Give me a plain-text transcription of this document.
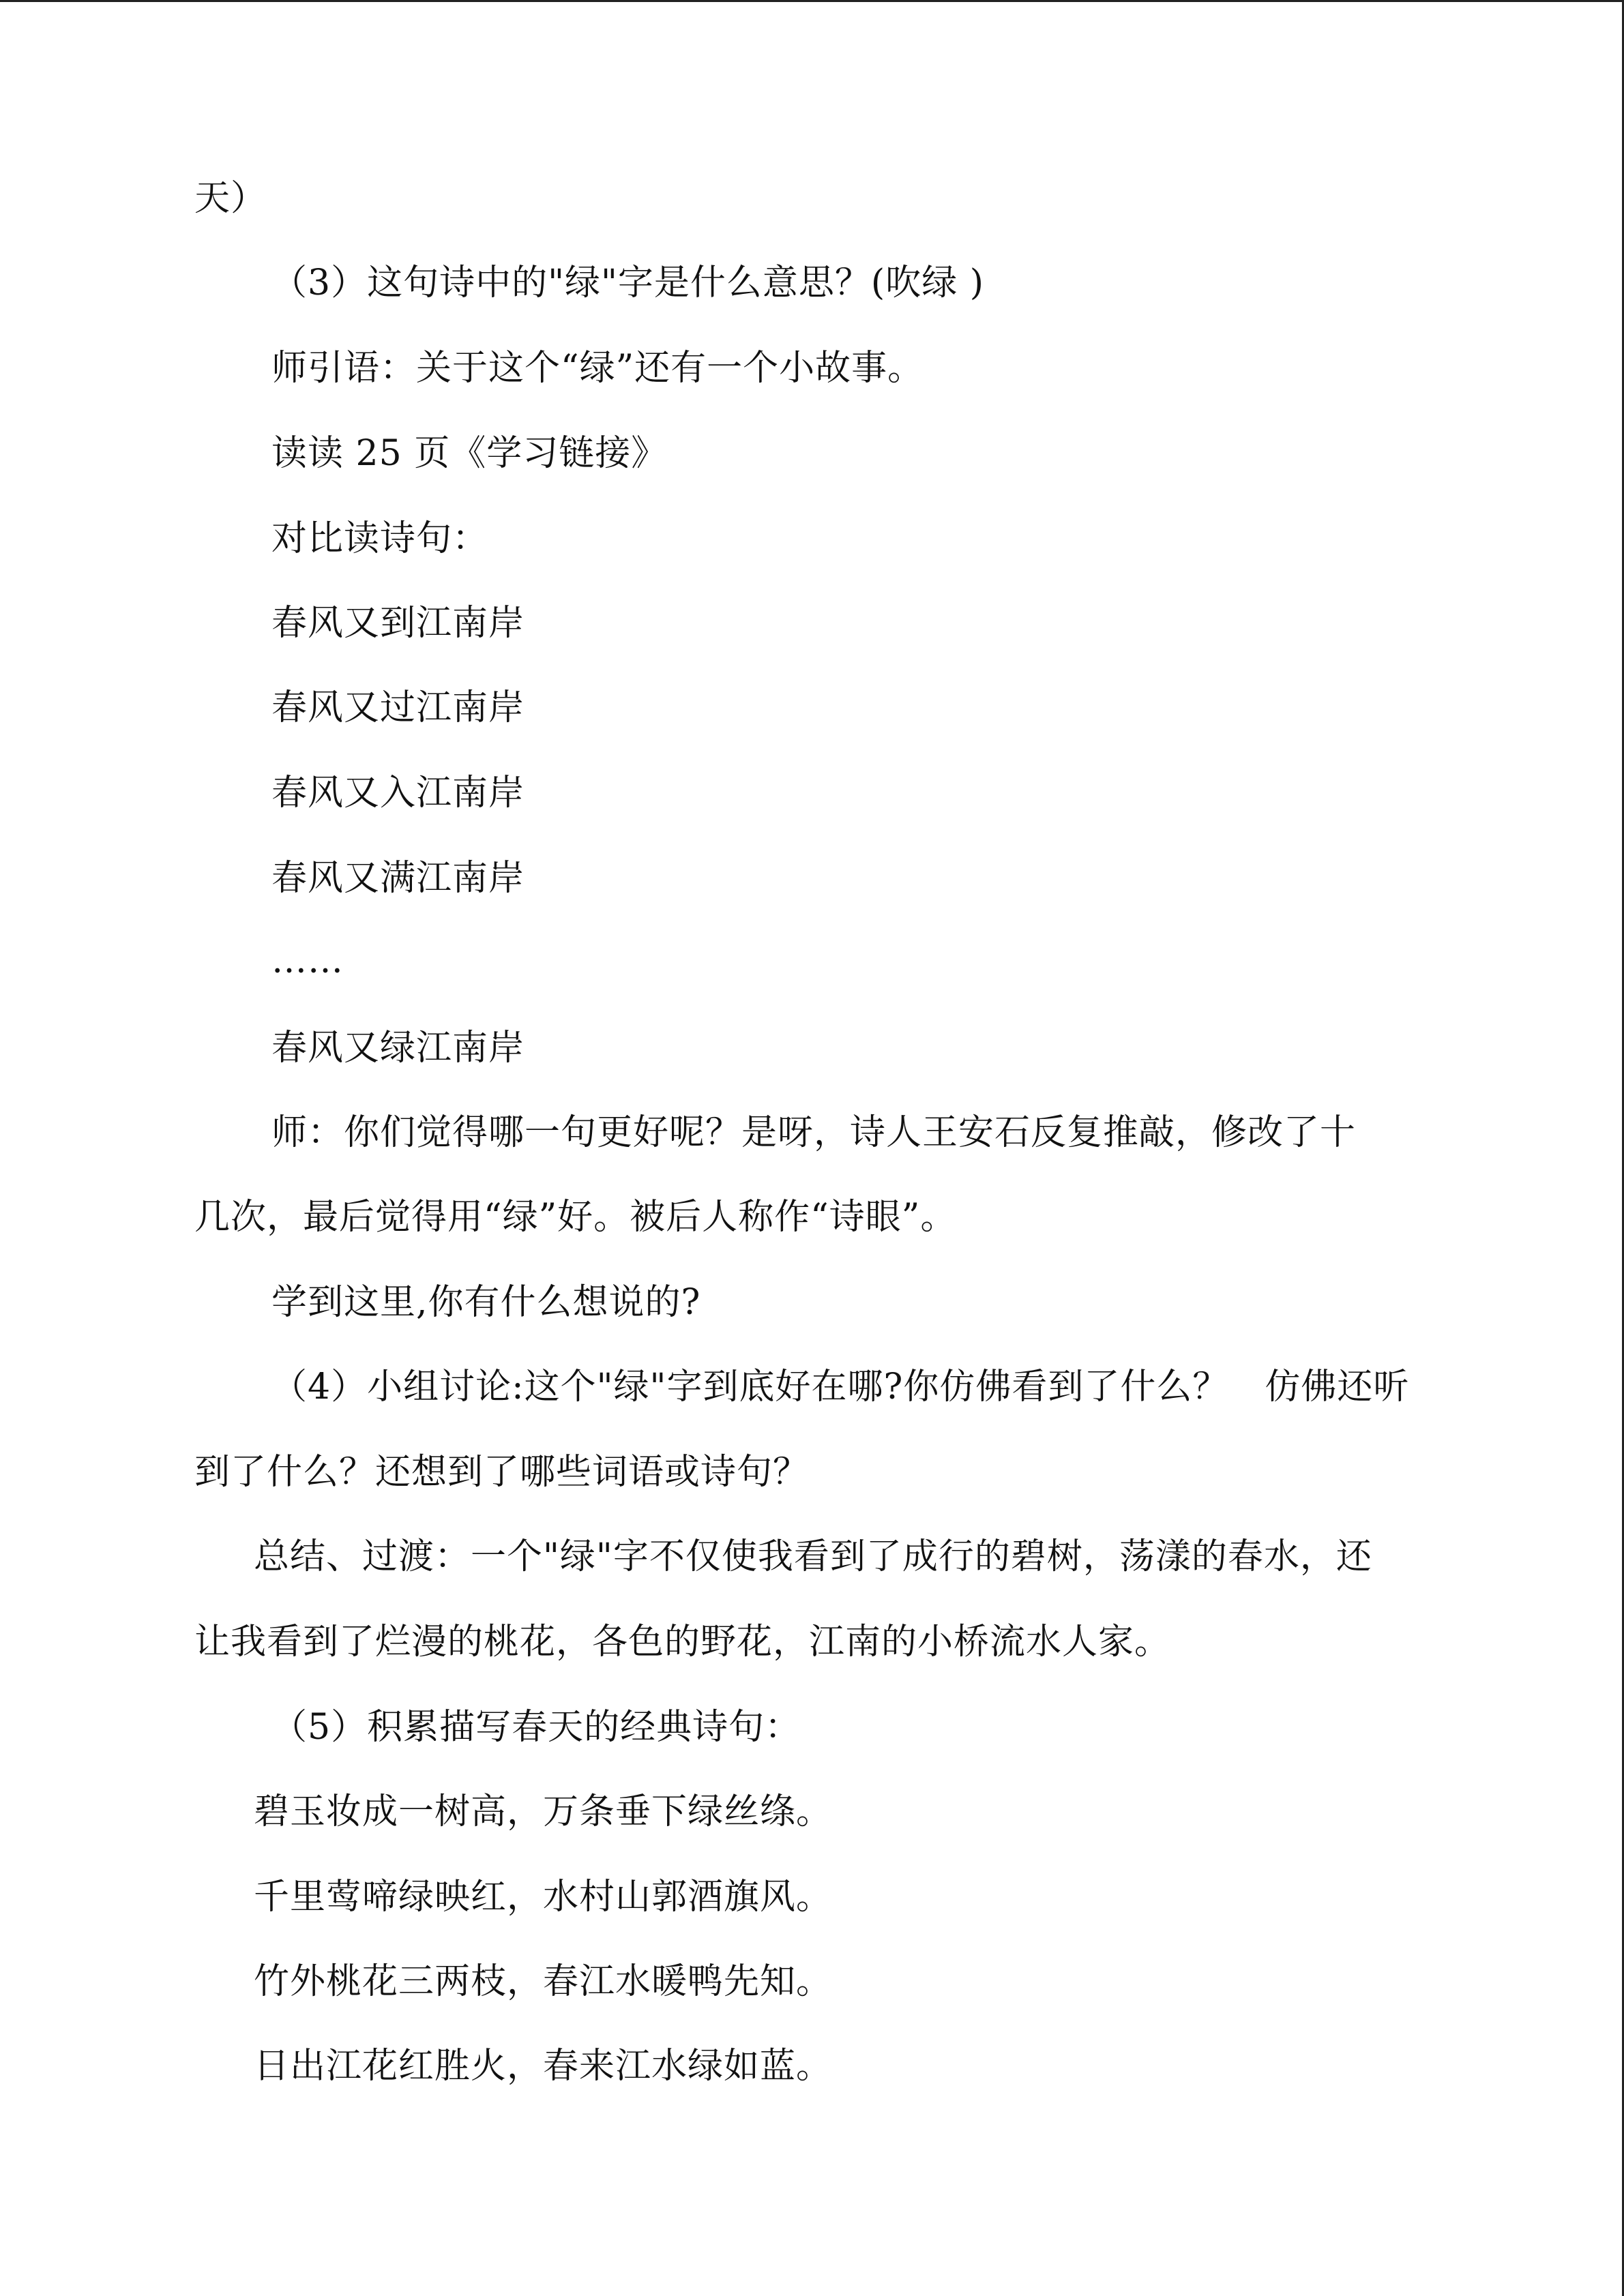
天）
（3）这句诗中的"绿"字是什么意思？(吹绿 )
师引语：关于这个“绿”还有一个小故事。
读读 25 页《学习链接》
对比读诗句：
春风又到江南岸
春风又过江南岸
春风又入江南岸
春风又满江南岸
……
春风又绿江南岸
师：你们觉得哪一句更好呢？是呀，诗人王安石反复推敲，修改了十
几次，最后觉得用“绿”好。被后人称作“诗眼”。
学到这里,你有什么想说的?
（4）小组讨论:这个"绿"字到底好在哪?你仿佛看到了什么？　仿佛还听
到了什么？还想到了哪些词语或诗句？
总结、过渡：一个"绿"字不仅使我看到了成行的碧树，荡漾的春水，还
让我看到了烂漫的桃花，各色的野花，江南的小桥流水人家。
（5）积累描写春天的经典诗句：
碧玉妆成一树高，万条垂下绿丝绦。
千里莺啼绿映红，水村山郭酒旗风。
竹外桃花三两枝，春江水暖鸭先知。
日出江花红胜火，春来江水绿如蓝。
